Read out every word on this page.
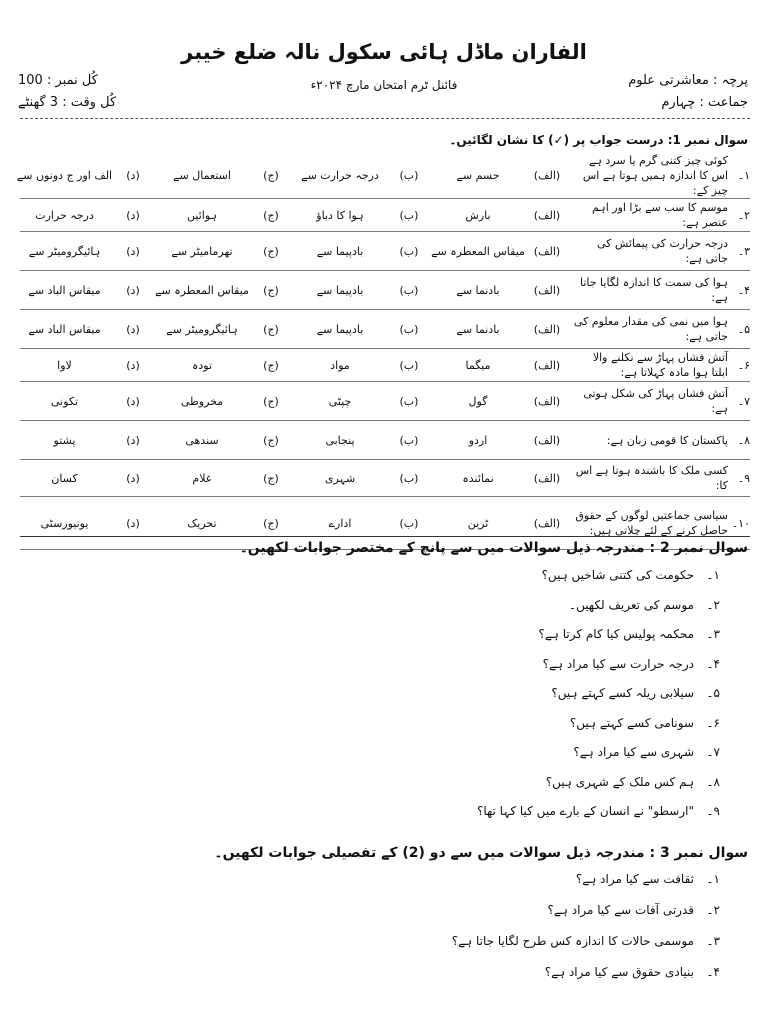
الفاران ماڈل ہائی سکول نالہ ضلع خیبر
فائنل ٹرم امتحان مارچ ۲۰۲۴ء	پرچہ : معاشرتی علوم
جماعت : چہارم
کُل نمبر : 100
کُل وقت : 3 گھنٹے
سوال نمبر 1: درست جواب پر (✓) کا نشان لگائیں۔
۱۔
کوئی چیز کتنی گرم یا سرد ہے اس کا اندازہ ہمیں ہوتا ہے اس چیز کے:
(الف)
جسم سے
(ب)
درجہ حرارت سے
(ج)
استعمال سے
(د)
الف اور ج دونوں سے
۲۔
موسم کا سب سے بڑا اور اہم عنصر ہے:
(الف)
بارش
(ب)
ہوا کا دباؤ
(ج)
ہوائیں
(د)
درجہ حرارت
۳۔
درجہ حرارت کی پیمائش کی جاتی ہے:
(الف)
میقاس المعطرہ سے
(ب)
بادپیما سے
(ج)
تھرمامیٹر سے
(د)
ہائیگرومیٹر سے
۴۔
ہوا کی سمت کا اندازہ لگایا جاتا ہے:
(الف)
بادنما سے
(ب)
بادپیما سے
(ج)
میقاس المعطرہ سے
(د)
میقاس الباد سے
۵۔
ہوا میں نمی کی مقدار معلوم کی جاتی ہے:
(الف)
بادنما سے
(ب)
بادپیما سے
(ج)
ہائیگرومیٹر سے
(د)
میقاس الباد سے
۶۔
آتش فشاں پہاڑ سے نکلنے والا ابلتا ہوا مادہ کہلاتا ہے:
(الف)
میگما
(ب)
مواد
(ج)
تودہ
(د)
لاوا
۷۔
آتش فشاں پہاڑ کی شکل ہوتی ہے:
(الف)
گول
(ب)
چپٹی
(ج)
مخروطی
(د)
تکونی
۸۔
پاکستان کا قومی زبان ہے:
(الف)
اردو
(ب)
پنجابی
(ج)
سندھی
(د)
پشتو
۹۔
کسی ملک کا باشندہ ہوتا ہے اس کا:
(الف)
نمائندہ
(ب)
شہری
(ج)
غلام
(د)
کسان
۱۰۔
سیاسی جماعتیں لوگوں کے حقوق حاصل کرنے کے لئے چلاتی ہیں:
(الف)
ٹرین
(ب)
ادارے
(ج)
تحریک
(د)
یونیورسٹی
سوال نمبر 2 : مندرجہ ذیل سوالات میں سے پانچ کے مختصر جوابات لکھیں۔
۱۔حکومت کی کتنی شاخیں ہیں؟
۲۔موسم کی تعریف لکھیں۔
۳۔محکمہ پولیس کیا کام کرتا ہے؟
۴۔درجہ حرارت سے کیا مراد ہے؟
۵۔سیلابی ریلہ کسے کہتے ہیں؟
۶۔سونامی کسے کہتے ہیں؟
۷۔شہری سے کیا مراد ہے؟
۸۔ہم کس ملک کے شہری ہیں؟
۹۔"ارسطو" نے انسان کے بارے میں کیا کہا تھا؟
سوال نمبر 3 : مندرجہ ذیل سوالات میں سے دو (2) کے تفصیلی جوابات لکھیں۔
۱۔ثقافت سے کیا مراد ہے؟
۲۔قدرتی آفات سے کیا مراد ہے؟
۳۔موسمی حالات کا اندازہ کس طرح لگایا جاتا ہے؟
۴۔بنیادی حقوق سے کیا مراد ہے؟
